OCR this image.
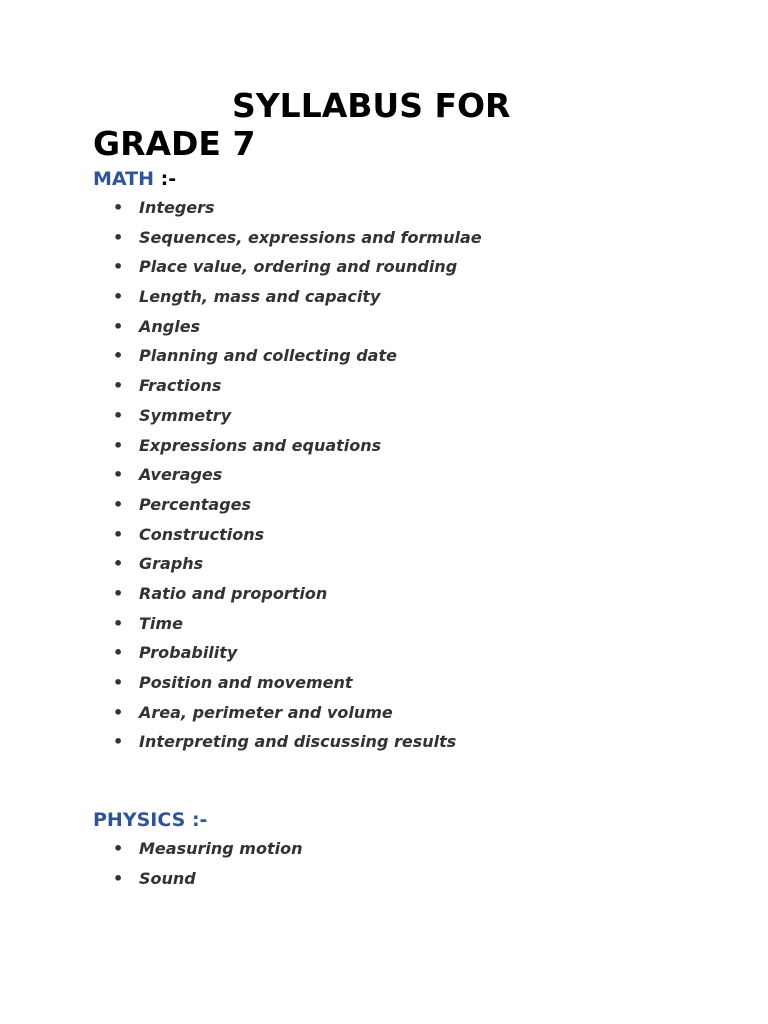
SYLLABUS FOR
GRADE 7
MATH :-
• Integers
• Sequences, expressions and formulae
• Place value, ordering and rounding
• Length, mass and capacity
• Angles
• Planning and collecting date
• Fractions
• Symmetry
• Expressions and equations
• Averages
• Percentages
• Constructions
• Graphs
• Ratio and proportion
• Time
• Probability
• Position and movement
• Area, perimeter and volume
• Interpreting and discussing results
PHYSICS :-
• Measuring motion
• Sound
